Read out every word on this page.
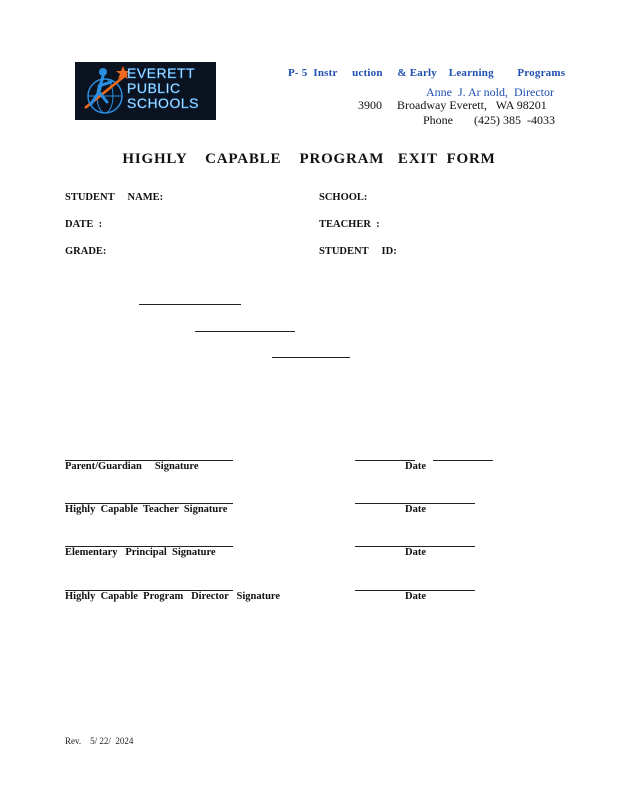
EVERETT
PUBLIC
SCHOOLS
P- 5  Instr     uction     & Early    Learning        Programs
Anne  J. Ar nold,  Director
3900     Broadway Everett,   WA 98201
Phone       (425) 385  -4033
HIGHLY    CAPABLE    PROGRAM   EXIT  FORM
STUDENT     NAME:	SCHOOL:
DATE  :	TEACHER  :
GRADE:	STUDENT     ID:
Parent/Guardian     Signature	Date
Highly  Capable  Teacher  Signature	Date
Elementary   Principal  Signature	Date
Highly  Capable  Program   Director   Signature	Date
Rev.    5/ 22/  2024
